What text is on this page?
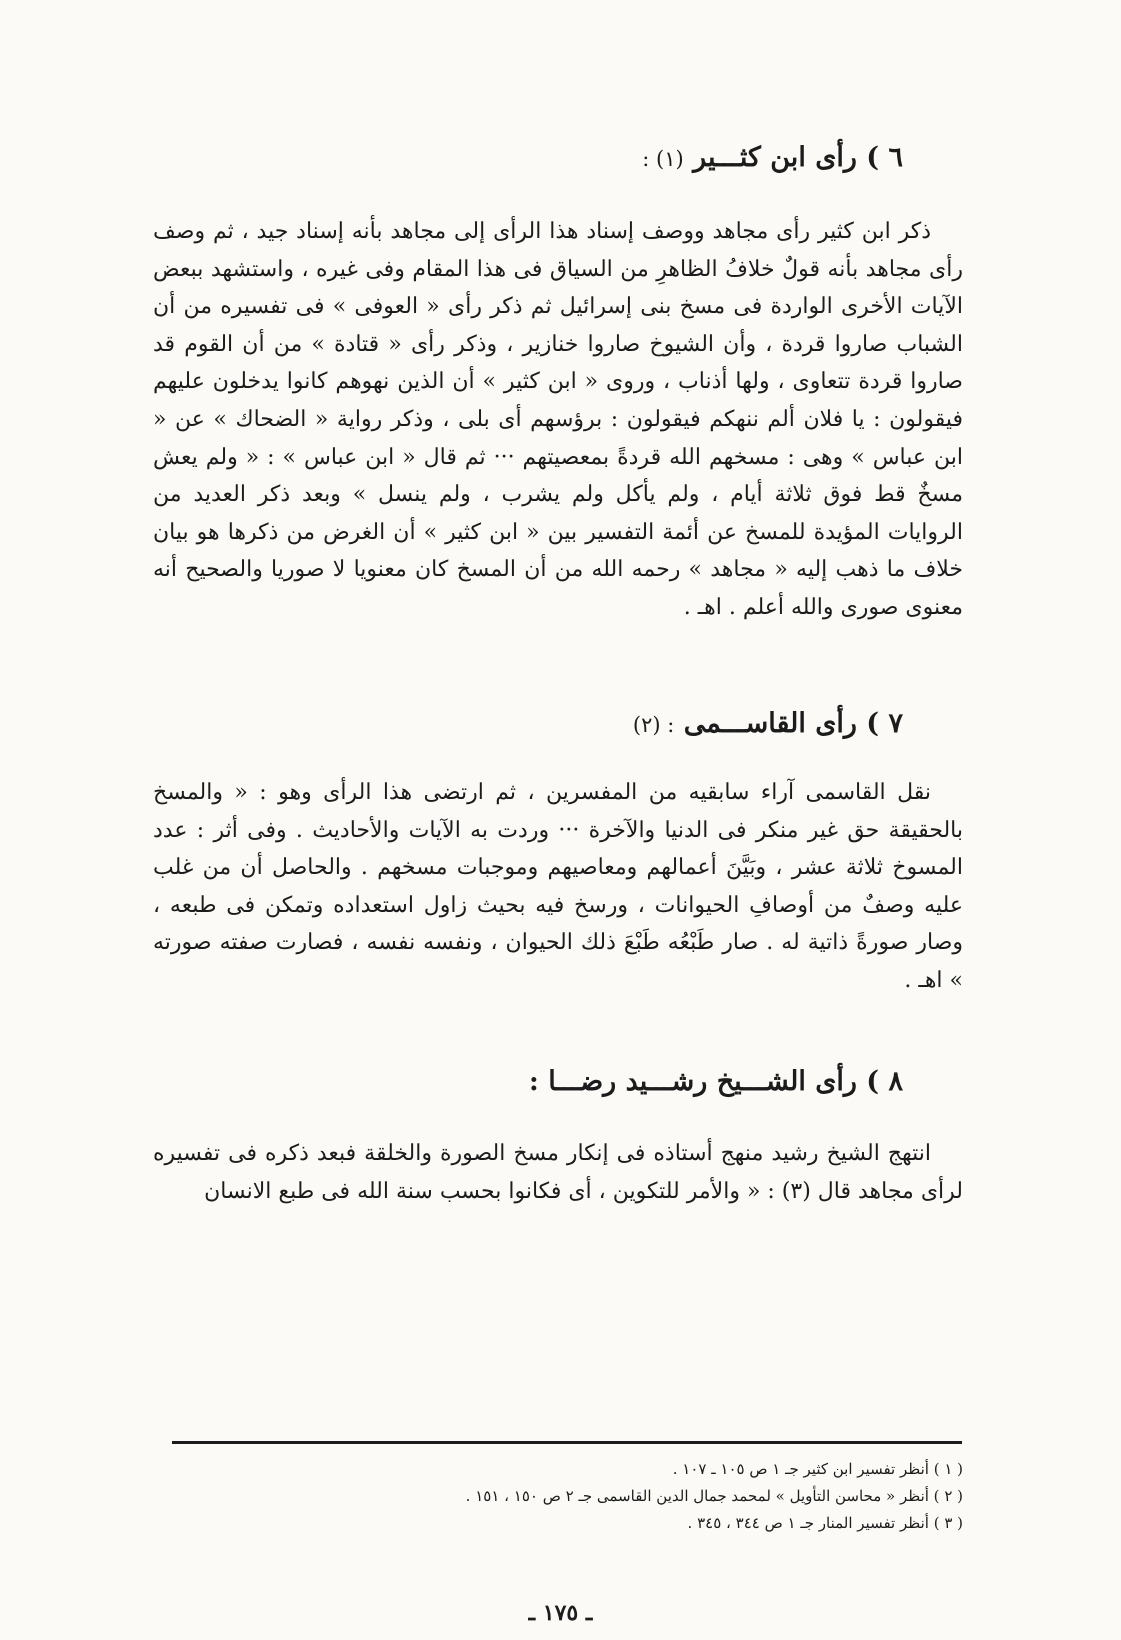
٦ ) رأى ابن كثـــير (١) :
ذكر ابن كثير رأى مجاهد ووصف إسناد هذا الرأى إلى مجاهد بأنه إسناد جيد ، ثم وصف رأى مجاهد بأنه قولٌ خلافُ الظاهرِ من السياق فى هذا المقام وفى غيره ، واستشهد ببعض الآيات الأخرى الواردة فى مسخ بنى إسرائيل ثم ذكر رأى « العوفى » فى تفسيره من أن الشباب صاروا قردة ، وأن الشيوخ صاروا خنازير ، وذكر رأى « قتادة » من أن القوم قد صاروا قردة تتعاوى ، ولها أذناب ، وروى « ابن كثير » أن الذين نهوهم كانوا يدخلون عليهم فيقولون : يا فلان ألم ننهكم فيقولون : برؤسهم أى بلى ، وذكر رواية « الضحاك » عن « ابن عباس » وهى : مسخهم الله قردةً بمعصيتهم ··· ثم قال « ابن عباس » : « ولم يعش مسخٌ قط فوق ثلاثة أيام ، ولم يأكل ولم يشرب ، ولم ينسل » وبعد ذكر العديد من الروايات المؤيدة للمسخ عن أئمة التفسير بين « ابن كثير » أن الغرض من ذكرها هو بيان خلاف ما ذهب إليه « مجاهد » رحمه الله من أن المسخ كان معنويا لا صوريا والصحيح أنه معنوى صورى والله أعلم . اهـ .
٧ ) رأى القاســـمى : (٢)
نقل القاسمى آراء سابقيه من المفسرين ، ثم ارتضى هذا الرأى وهو : « والمسخ بالحقيقة حق غير منكر فى الدنيا والآخرة ··· وردت به الآيات والأحاديث . وفى أثر : عدد المسوخ ثلاثة عشر ، وبَيَّنَ أعمالهم ومعاصيهم وموجبات مسخهم . والحاصل أن من غلب عليه وصفٌ من أوصافِ الحيوانات ، ورسخ فيه بحيث زاول استعداده وتمكن فى طبعه ، وصار صورةً ذاتية له . صار طَبْعُه طَبْعَ ذلك الحيوان ، ونفسه نفسه ، فصارت صفته صورته » اهـ .
٨ ) رأى الشـــيخ رشـــيد رضـــا :
انتهج الشيخ رشيد منهج أستاذه فى إنكار مسخ الصورة والخلقة فبعد ذكره فى تفسيره لرأى مجاهد قال (٣) : « والأمر للتكوين ، أى فكانوا بحسب سنة الله فى طبع الانسان
( ١ ) أنظر تفسير ابن كثير جـ ١ ص ١٠٥ ـ ١٠٧ .
( ٢ ) أنظر « محاسن التأويل » لمحمد جمال الدين القاسمى جـ ٢ ص ١٥٠ ، ١٥١ .
( ٣ ) أنظر تفسير المنار جـ ١ ص ٣٤٤ ، ٣٤٥ .
ـ ١٧٥ ـ
